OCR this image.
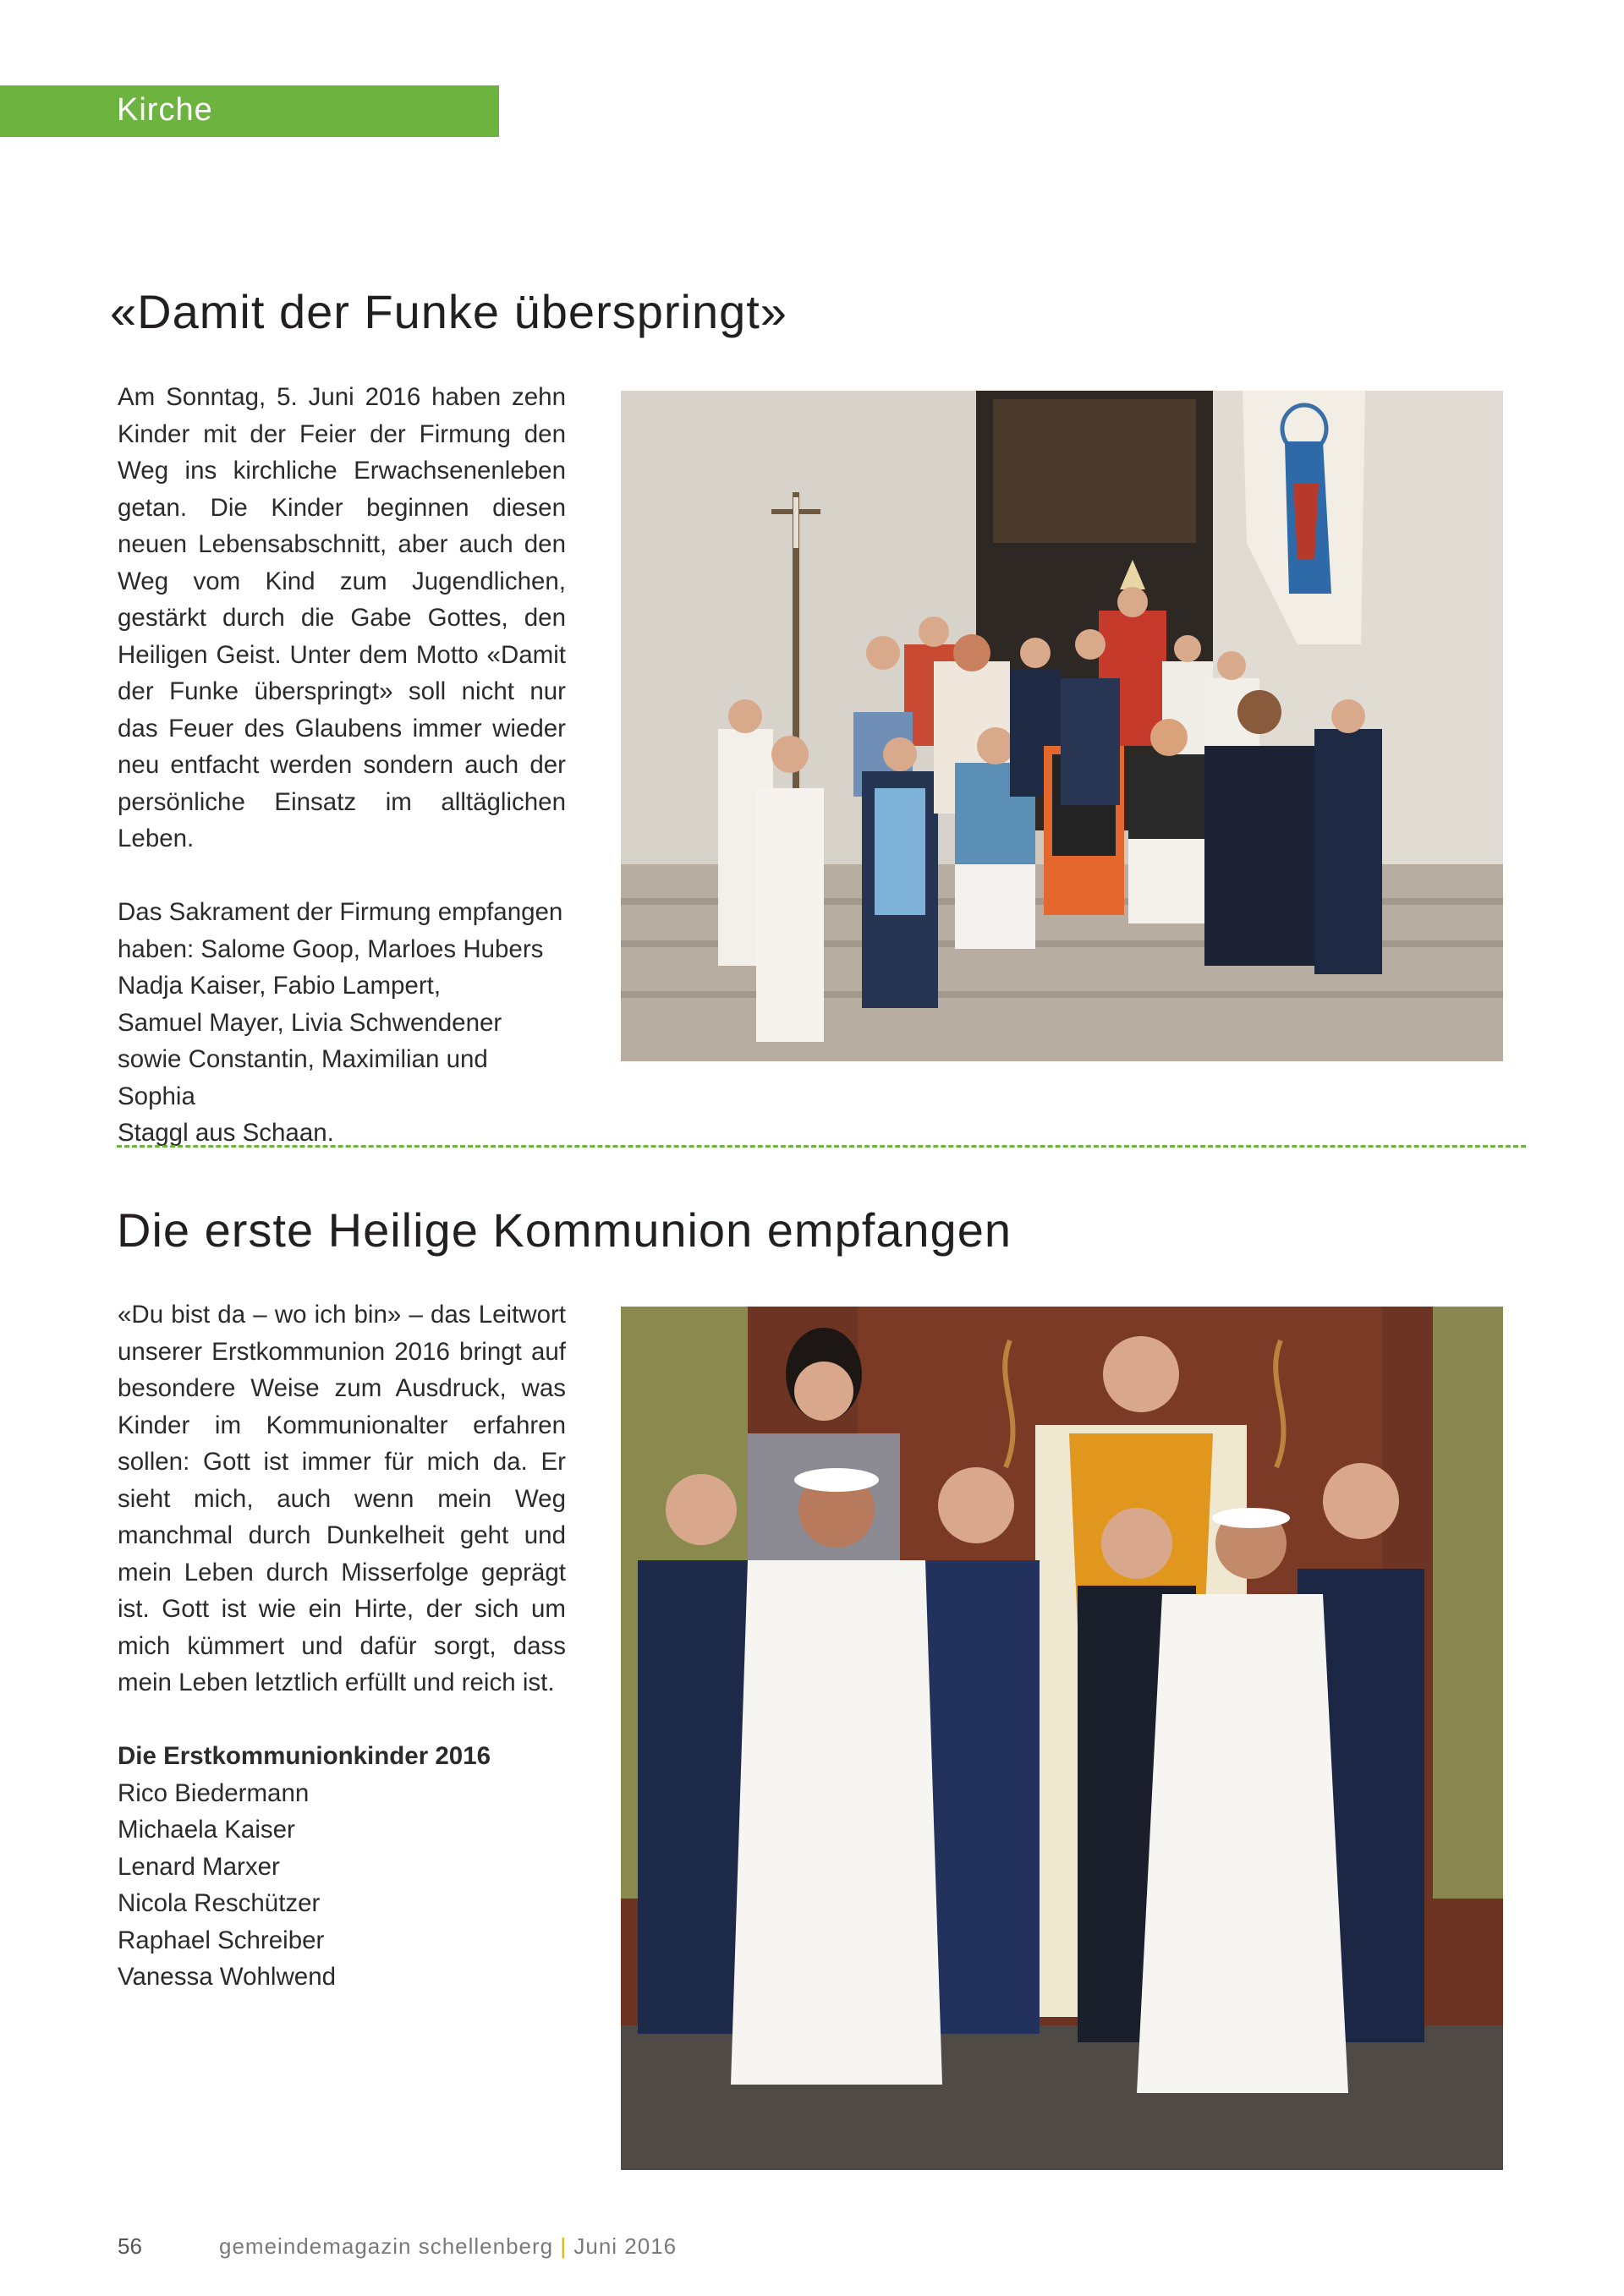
Kirche
«Damit der Funke überspringt»

Am Sonntag, 5. Juni 2016 haben zehn Kinder mit der Feier der Firmung den Weg ins kirchliche Erwachsenenleben getan. Die Kinder beginnen diesen neuen Lebensabschnitt, aber auch den Weg vom Kind zum Jugendlichen, gestärkt durch die Gabe Gottes, den Heiligen Geist. Unter dem Motto «Damit der Funke überspringt» soll nicht nur das Feuer des Glaubens immer wieder neu entfacht werden sondern auch der persönliche Einsatz im alltäglichen Leben.

Das Sakrament der Firmung empfangen
haben: Salome Goop, Marloes Hubers
Nadja Kaiser, Fabio Lampert,
Samuel Mayer, Livia Schwendener
sowie Constantin, Maximilian und Sophia
Staggl aus Schaan.
Die erste Heilige Kommunion empfangen

«Du bist da – wo ich bin» – das Leitwort unserer Erstkommunion 2016 bringt auf besondere Weise zum Ausdruck, was Kinder im Kommunionalter erfahren sollen: Gott ist immer für mich da. Er sieht mich, auch wenn mein Weg manchmal durch Dunkelheit geht und mein Leben durch Misserfolge geprägt ist. Gott ist wie ein Hirte, der sich um mich kümmert und dafür sorgt, dass mein Leben letztlich erfüllt und reich ist.

Die Erstkommunionkinder 2016
Rico Biedermann
Michaela Kaiser
Lenard Marxer
Nicola Reschützer
Raphael Schreiber
Vanessa Wohlwend
56	gemeindemagazin schellenberg | Juni 2016
